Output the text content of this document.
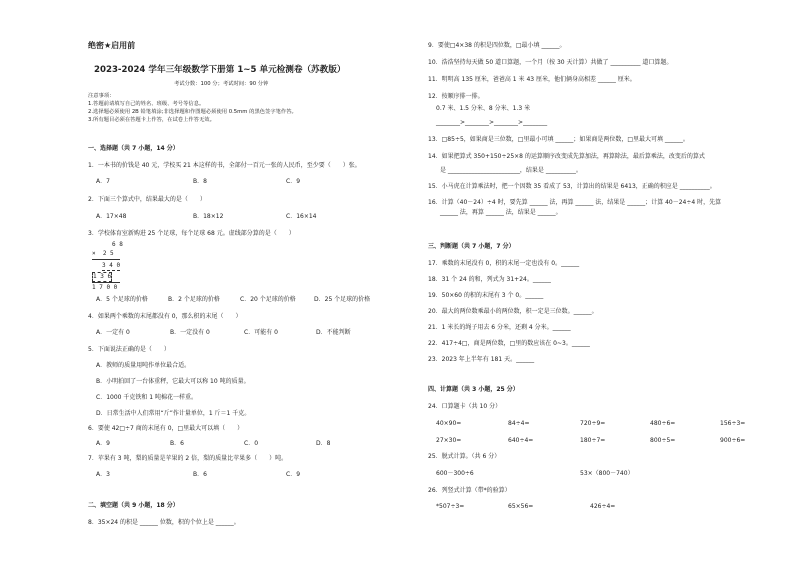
绝密★启用前
2023-2024 学年三年级数学下册第 1~5 单元检测卷（苏教版）
考试分数：100 分；考试时间：90 分钟
注意事项：
1.答题前请填写自己的姓名、班级、考号等信息。
2.选择题必须使用 2B 铅笔填涂;非选择题和作图题必须使用 0.5mm 的黑色签字笔作答。
3.所有题目必须在答题卡上作答，在试卷上作答无效。
一、选择题（共 7 小题，14 分）
1．一本书的价钱是 40 元，学校买 21 本这样的书，全部付一百元一张的人民币，至少要（　　）张。
A．7	B．8	C．9
2．下面三个算式中，结果最大的是（　　）
A．17×48	B．18×12	C．16×14
3．学校体育室新购进 25 个足球，每个足球 68 元。虚线部分算的是（　　）
6 8
×  2 5
3 4 0
1 3 6
1 7 0 0
A．5 个足球的价格	B．2 个足球的价格	C．20 个足球的价格	D．25 个足球的价格
4．如果两个乘数的末尾都没有 0，那么积的末尾（　　）
A．一定有 0	B．一定没有 0	C．可能有 0	D．不能判断
5．下面说法正确的是（　　）
A．教师的质量用吨作单位最合适。
B．小明拍回了一台体重秤，它最大可以称 10 吨的质量。
C．1000 千克铁和 1 吨棉花一样重。
D．日常生活中人们常用“斤”作计量单位，1 斤＝1 千克。
6．要使 42□÷7 商的末尾有 0，□里最大可以填（　　）
A．9	B．6	C．0	D．8
7．苹果有 3 吨，梨的质量是苹果的 2 倍，梨的质量比苹果多（　　）吨。
A．3	B．6	C．9
二、填空题（共 9 小题，18 分）
8．35×24 的积是 ______ 位数，积的个位上是 ______。
9．要使□4×38 的积是四位数，□最小填 ______。
10．浩浩坚持每天做 50 道口算题，一个月（按 30 天计算）共做了 __________ 道口算题。
11．明明高 135 厘米，爸爸高 1 米 43 厘米，他们俩身高相差 ______ 厘米。
12．按顺序排一排。
0.7 米、1.5 分米、8 分米、1.3 米
________>________>________>________
13．□85÷5，如果商是三位数，□里最小可填 ______；如果商是两位数，□里最大可填 ______。
14．如果把算式 350+150÷25×8 的运算顺序改变成先算加法，再算除法，最后算乘法，改变后的算式
是 ________________________，结果是 __________。
15．小马虎在计算乘法时，把一个因数 35 看成了 53，计算出的结果是 6413，正确的积应是 __________。
16．计算（40－24）÷4 时，要先算 ______ 法，再算 ______ 法，结果是 ______；计算 40－24÷4 时，先算
______ 法，再算 ______ 法，结果是 ______。
三、判断题（共 7 小题，7 分）
17．乘数的末尾没有 0，积的末尾一定也没有 0。______
18．31 个 24 的和，列式为 31+24。______
19．50×60 的积的末尾有 3 个 0。______
20．最大的两位数乘最小的两位数，积一定是三位数。______。
21．1 米长的绳子用去 6 分米，还剩 4 分米。______
22．417÷4□，商是两位数，□里的数应该在 0~3。______
23．2023 年上半年有 181 天。______
四、计算题（共 3 小题，25 分）
24．口算题卡（共 10 分）
40×90=	84÷4=	720÷9=	480÷6=	156÷3=
27×30=	640÷4=	180÷7=	800÷5=	900÷6=
25．脱式计算。（共 6 分）
600－300÷6	53×（800－740）
26．列竖式计算（带*的验算）
*507÷3=	65×56=	426÷4=
